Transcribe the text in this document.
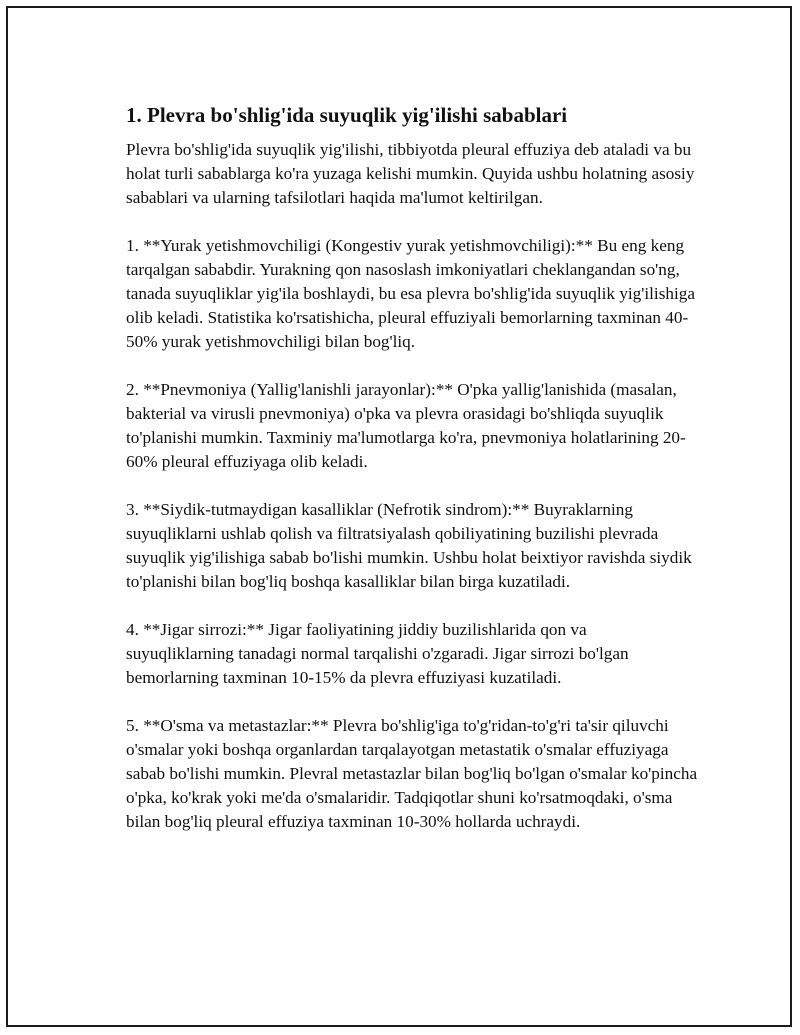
1. Plevra bo'shlig'ida suyuqlik yig'ilishi sabablari

Plevra bo'shlig'ida suyuqlik yig'ilishi, tibbiyotda pleural effuziya deb ataladi va bu holat turli sabablarga ko'ra yuzaga kelishi mumkin. Quyida ushbu holatning asosiy sabablari va ularning tafsilotlari haqida ma'lumot keltirilgan.

1. **Yurak yetishmovchiligi (Kongestiv yurak yetishmovchiligi):** Bu eng keng tarqalgan sababdir. Yurakning qon nasoslash imkoniyatlari cheklangandan so'ng, tanada suyuqliklar yig'ila boshlaydi, bu esa plevra bo'shlig'ida suyuqlik yig'ilishiga olib keladi. Statistika ko'rsatishicha, pleural effuziyali bemorlarning taxminan 40-50% yurak yetishmovchiligi bilan bog'liq.

2. **Pnevmoniya (Yallig'lanishli jarayonlar):** O'pka yallig'lanishida (masalan, bakterial va virusli pnevmoniya) o'pka va plevra orasidagi bo'shliqda suyuqlik to'planishi mumkin. Taxminiy ma'lumotlarga ko'ra, pnevmoniya holatlarining 20-60% pleural effuziyaga olib keladi.

3. **Siydik-tutmaydigan kasalliklar (Nefrotik sindrom):** Buyraklarning suyuqliklarni ushlab qolish va filtratsiyalash qobiliyatining buzilishi plevrada suyuqlik yig'ilishiga sabab bo'lishi mumkin. Ushbu holat beixtiyor ravishda siydik to'planishi bilan bog'liq boshqa kasalliklar bilan birga kuzatiladi.

4. **Jigar sirrozi:** Jigar faoliyatining jiddiy buzilishlarida qon va suyuqliklarning tanadagi normal tarqalishi o'zgaradi. Jigar sirrozi bo'lgan bemorlarning taxminan 10-15% da plevra effuziyasi kuzatiladi.

5. **O'sma va metastazlar:** Plevra bo'shlig'iga to'g'ridan-to'g'ri ta'sir qiluvchi o'smalar yoki boshqa organlardan tarqalayotgan metastatik o'smalar effuziyaga sabab bo'lishi mumkin. Plevral metastazlar bilan bog'liq bo'lgan o'smalar ko'pincha o'pka, ko'krak yoki me'da o'smalaridir. Tadqiqotlar shuni ko'rsatmoqdaki, o'sma bilan bog'liq pleural effuziya taxminan 10-30% hollarda uchraydi.
